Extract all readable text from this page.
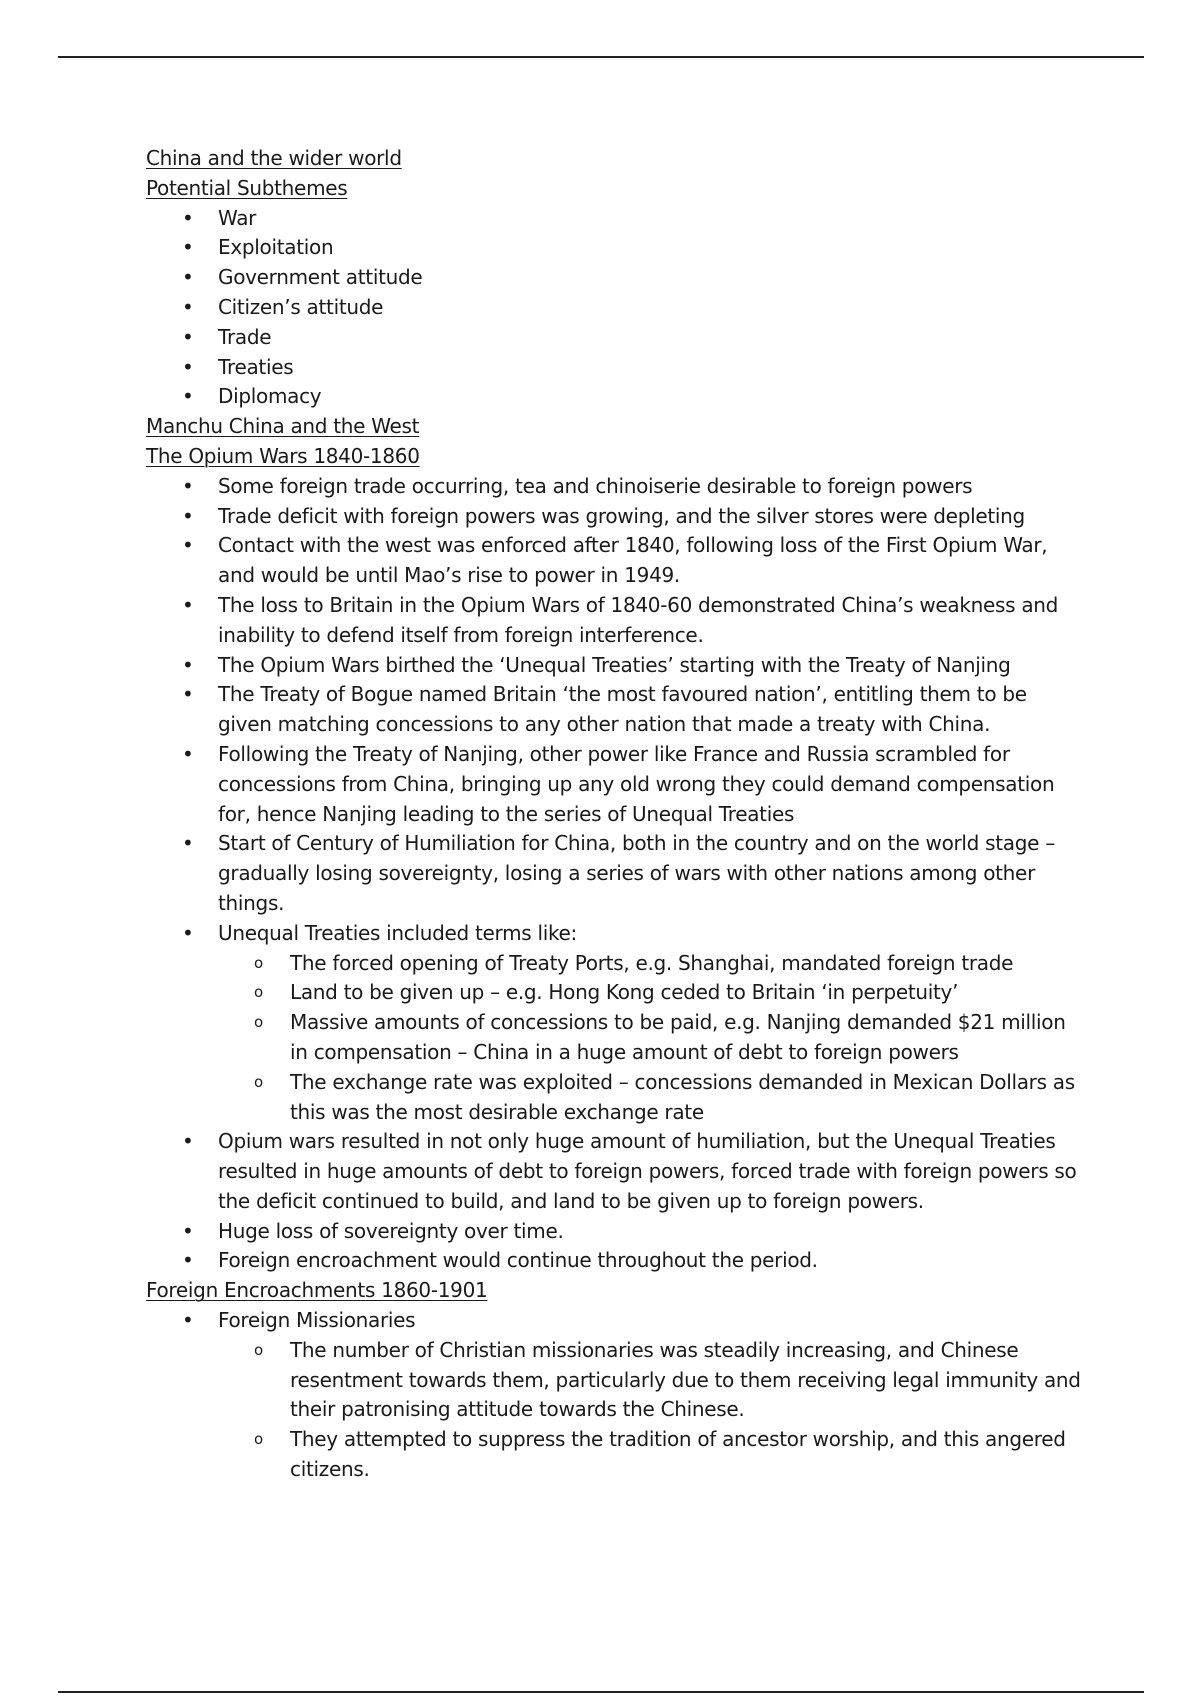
China and the wider world
Potential Subthemes
• War
• Exploitation
• Government attitude
• Citizen’s attitude
• Trade
• Treaties
• Diplomacy
Manchu China and the West
The Opium Wars 1840-1860
• Some foreign trade occurring, tea and chinoiserie desirable to foreign powers
• Trade deficit with foreign powers was growing, and the silver stores were depleting
• Contact with the west was enforced after 1840, following loss of the First Opium War, and would be until Mao’s rise to power in 1949.
• The loss to Britain in the Opium Wars of 1840-60 demonstrated China’s weakness and inability to defend itself from foreign interference.
• The Opium Wars birthed the ‘Unequal Treaties’ starting with the Treaty of Nanjing
• The Treaty of Bogue named Britain ‘the most favoured nation’, entitling them to be given matching concessions to any other nation that made a treaty with China.
• Following the Treaty of Nanjing, other power like France and Russia scrambled for concessions from China, bringing up any old wrong they could demand compensation for, hence Nanjing leading to the series of Unequal Treaties
• Start of Century of Humiliation for China, both in the country and on the world stage – gradually losing sovereignty, losing a series of wars with other nations among other things.
• Unequal Treaties included terms like:
o The forced opening of Treaty Ports, e.g. Shanghai, mandated foreign trade
o Land to be given up – e.g. Hong Kong ceded to Britain ‘in perpetuity’
o Massive amounts of concessions to be paid, e.g. Nanjing demanded $21 million in compensation – China in a huge amount of debt to foreign powers
o The exchange rate was exploited – concessions demanded in Mexican Dollars as this was the most desirable exchange rate
• Opium wars resulted in not only huge amount of humiliation, but the Unequal Treaties resulted in huge amounts of debt to foreign powers, forced trade with foreign powers so the deficit continued to build, and land to be given up to foreign powers.
• Huge loss of sovereignty over time.
• Foreign encroachment would continue throughout the period.
Foreign Encroachments 1860-1901
• Foreign Missionaries
o The number of Christian missionaries was steadily increasing, and Chinese resentment towards them, particularly due to them receiving legal immunity and their patronising attitude towards the Chinese.
o They attempted to suppress the tradition of ancestor worship, and this angered citizens.
